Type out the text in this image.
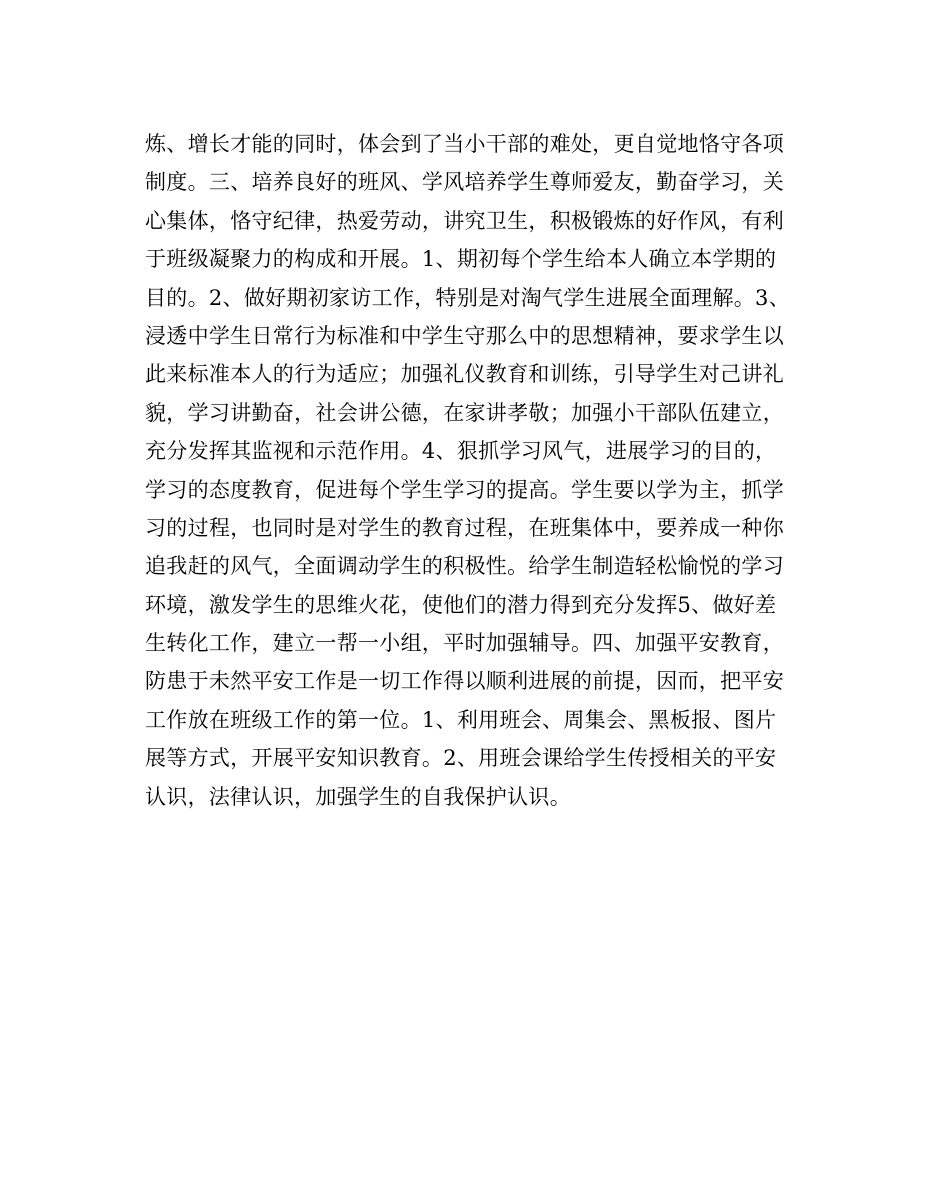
炼、增长才能的同时，体会到了当小干部的难处，更自觉地恪守各项
制度。三、培养良好的班风、学风培养学生尊师爱友，勤奋学习，关
心集体，恪守纪律，热爱劳动，讲究卫生，积极锻炼的好作风，有利
于班级凝聚力的构成和开展。1、期初每个学生给本人确立本学期的
目的。2、做好期初家访工作，特别是对淘气学生进展全面理解。3、
浸透中学生日常行为标准和中学生守那么中的思想精神，要求学生以
此来标准本人的行为适应；加强礼仪教育和训练，引导学生对己讲礼
貌，学习讲勤奋，社会讲公德，在家讲孝敬；加强小干部队伍建立，
充分发挥其监视和示范作用。4、狠抓学习风气，进展学习的目的，
学习的态度教育，促进每个学生学习的提高。学生要以学为主，抓学
习的过程，也同时是对学生的教育过程，在班集体中，要养成一种你
追我赶的风气，全面调动学生的积极性。给学生制造轻松愉悦的学习
环境，激发学生的思维火花，使他们的潜力得到充分发挥5、做好差
生转化工作，建立一帮一小组，平时加强辅导。四、加强平安教育，
防患于未然平安工作是一切工作得以顺利进展的前提，因而，把平安
工作放在班级工作的第一位。1、利用班会、周集会、黑板报、图片
展等方式，开展平安知识教育。2、用班会课给学生传授相关的平安
认识，法律认识，加强学生的自我保护认识。
